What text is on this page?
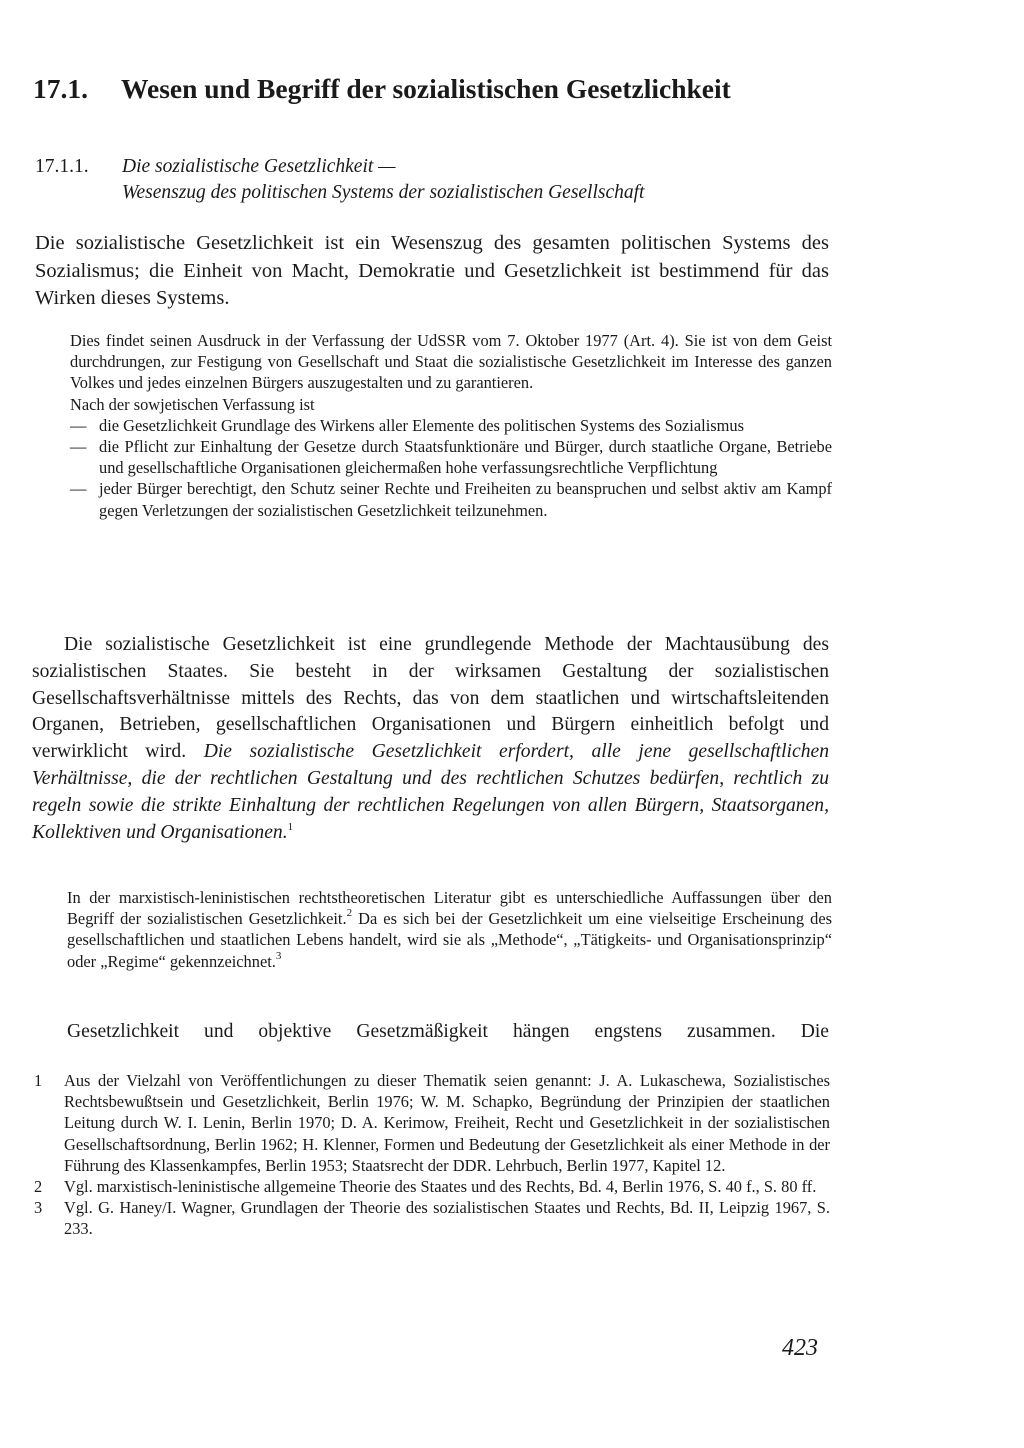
17.1. Wesen und Begriff der sozialistischen Gesetzlichkeit
17.1.1. Die sozialistische Gesetzlichkeit —
Wesenszug des politischen Systems der sozialistischen Gesellschaft

Die sozialistische Gesetzlichkeit ist ein Wesenszug des gesamten politischen Systems des Sozialismus; die Einheit von Macht, Demokratie und Gesetzlichkeit ist bestimmend für das Wirken dieses Systems.

Dies findet seinen Ausdruck in der Verfassung der UdSSR vom 7. Oktober 1977 (Art. 4). Sie ist von dem Geist durchdrungen, zur Festigung von Gesellschaft und Staat die sozialistische Gesetzlichkeit im Interesse des ganzen Volkes und jedes einzelnen Bürgers auszugestalten und zu garantieren.
Nach der sowjetischen Verfassung ist
— die Gesetzlichkeit Grundlage des Wirkens aller Elemente des politischen Systems des Sozialismus
— die Pflicht zur Einhaltung der Gesetze durch Staatsfunktionäre und Bürger, durch staatliche Organe, Betriebe und gesellschaftliche Organisationen gleichermaßen hohe verfassungsrechtliche Verpflichtung
— jeder Bürger berechtigt, den Schutz seiner Rechte und Freiheiten zu beanspruchen und selbst aktiv am Kampf gegen Verletzungen der sozialistischen Gesetzlichkeit teilzunehmen.

Die sozialistische Gesetzlichkeit ist eine grundlegende Methode der Machtausübung des sozialistischen Staates. Sie besteht in der wirksamen Gestaltung der sozialistischen Gesellschaftsverhältnisse mittels des Rechts, das von dem staatlichen und wirtschaftsleitenden Organen, Betrieben, gesellschaftlichen Organisationen und Bürgern einheitlich befolgt und verwirklicht wird. Die sozialistische Gesetzlichkeit erfordert, alle jene gesellschaftlichen Verhältnisse, die der rechtlichen Gestaltung und des rechtlichen Schutzes bedürfen, rechtlich zu regeln sowie die strikte Einhaltung der rechtlichen Regelungen von allen Bürgern, Staatsorganen, Kollektiven und Organisationen.$^1$

In der marxistisch-leninistischen rechtstheoretischen Literatur gibt es unterschiedliche Auffassungen über den Begriff der sozialistischen Gesetzlichkeit.$^2$ Da es sich bei der Gesetzlichkeit um eine vielseitige Erscheinung des gesellschaftlichen und staatlichen Lebens handelt, wird sie als „Methode“, „Tätigkeits- und Organisationsprinzip“ oder „Regime“ gekennzeichnet.$^3$

Gesetzlichkeit und objektive Gesetzmäßigkeit hängen engstens zusammen. Die

1 Aus der Vielzahl von Veröffentlichungen zu dieser Thematik seien genannt: J. A. Lukaschewa, Sozialistisches Rechtsbewußtsein und Gesetzlichkeit, Berlin 1976; W. M. Schapko, Begründung der Prinzipien der staatlichen Leitung durch W. I. Lenin, Berlin 1970; D. A. Kerimow, Freiheit, Recht und Gesetzlichkeit in der sozialistischen Gesellschaftsordnung, Berlin 1962; H. Klenner, Formen und Bedeutung der Gesetzlichkeit als einer Methode in der Führung des Klassenkampfes, Berlin 1953; Staatsrecht der DDR. Lehrbuch, Berlin 1977, Kapitel 12.
2 Vgl. marxistisch-leninistische allgemeine Theorie des Staates und des Rechts, Bd. 4, Berlin 1976, S. 40 f., S. 80 ff.
3 Vgl. G. Haney/I. Wagner, Grundlagen der Theorie des sozialistischen Staates und Rechts, Bd. II, Leipzig 1967, S. 233.
423
